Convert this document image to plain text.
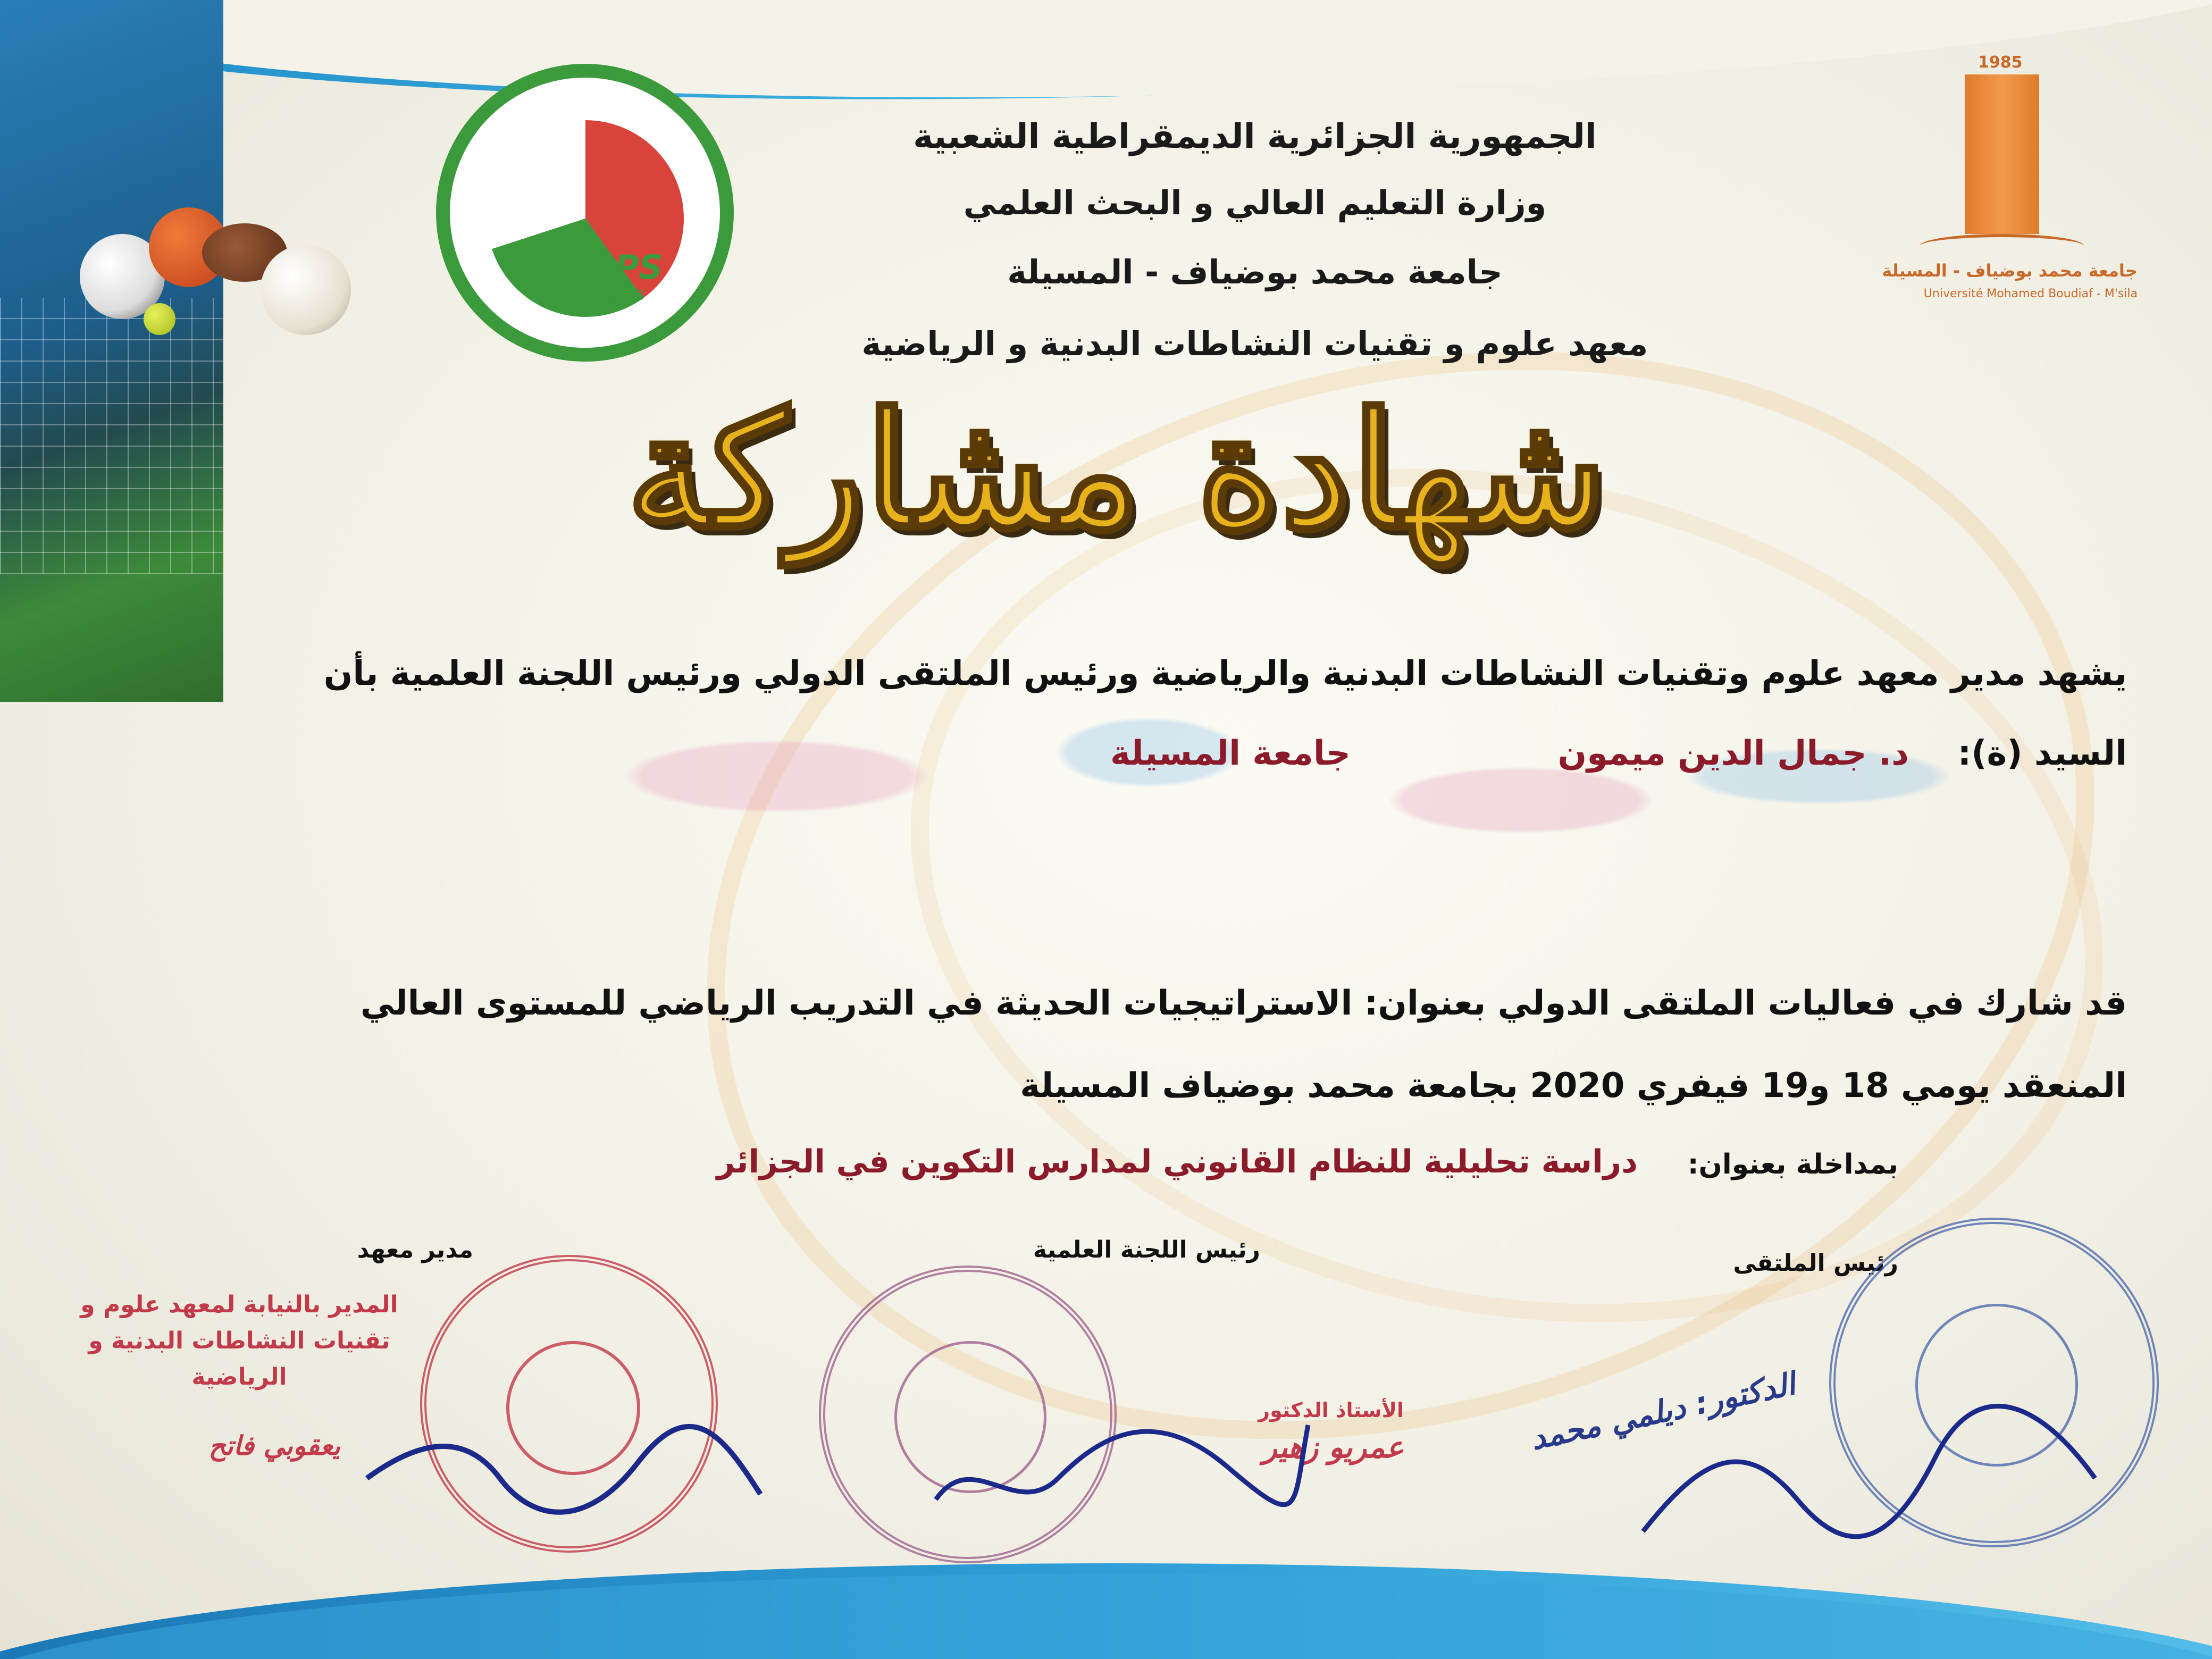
STAPS
2003
1985
جامعة محمد بوضياف - المسيلة
Université Mohamed Boudiaf - M'sila
الجمهورية الجزائرية الديمقراطية الشعبية
وزارة التعليم العالي و البحث العلمي
جامعة محمد بوضياف - المسيلة
معهد علوم و تقنيات النشاطات البدنية و الرياضية
شهادة مشاركة
يشهد مدير معهد علوم وتقنيات النشاطات البدنية والرياضية ورئيس الملتقى الدولي ورئيس اللجنة العلمية بأن
السيد (ة):
د. جمال الدين ميمون
جامعة المسيلة
قد شارك في فعاليات الملتقى الدولي بعنوان: الاستراتيجيات الحديثة في التدريب الرياضي للمستوى العالي
المنعقد يومي 18 و19 فيفري 2020 بجامعة محمد بوضياف المسيلة
بمداخلة بعنوان:
دراسة تحليلية للنظام القانوني لمدارس التكوين في الجزائر
مدير معهد	رئيس اللجنة العلمية	رئيس الملتقى
المدير بالنيابة لمعهد علوم و تقنيات النشاطات البدنية و الرياضية
يعقوبي فاتح
الأستاذ الدكتور
عمريو زهير	الدكتور: ديلمي محمد
